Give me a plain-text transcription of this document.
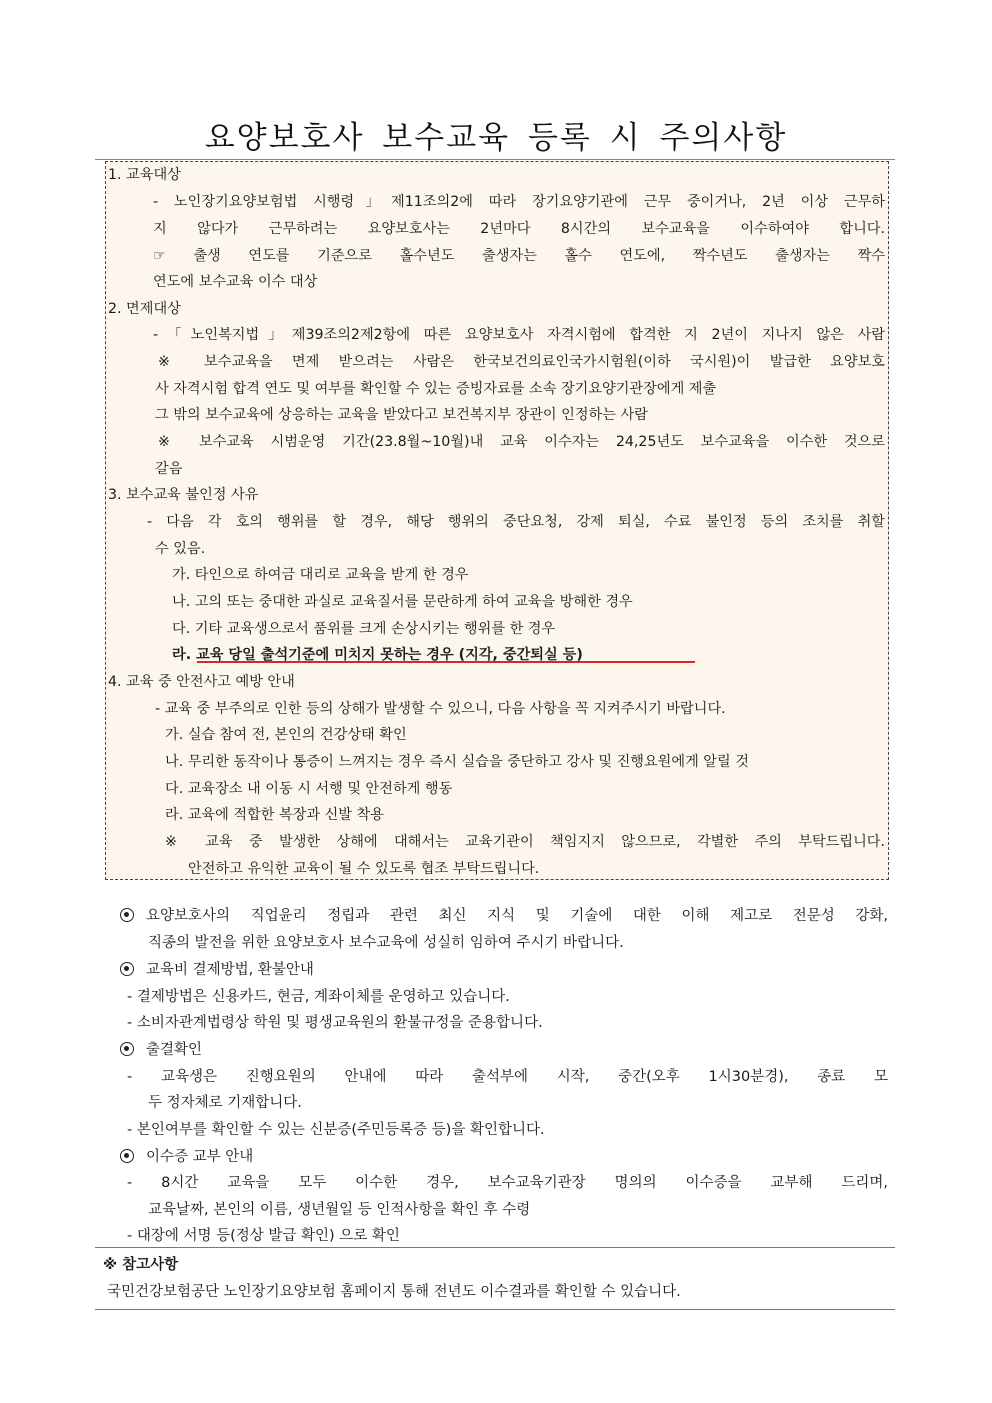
요양보호사 보수교육 등록 시 주의사항
1. 교육대상
- 노인장기요양보험법 시행령」제11조의2에 따라 장기요양기관에 근무 중이거나, 2년 이상 근무하
지 않다가 근무하려는 요양보호사는 2년마다 8시간의 보수교육을 이수하여야 합니다.
☞ 출생 연도를 기준으로 홀수년도 출생자는 홀수 연도에, 짝수년도 출생자는 짝수
연도에 보수교육 이수 대상
2. 면제대상
-「노인복지법」제39조의2제2항에 따른 요양보호사 자격시험에 합격한 지 2년이 지나지 않은 사람
※ 보수교육을 면제 받으려는 사람은 한국보건의료인국가시험원(이하 국시원)이 발급한 요양보호
사 자격시험 합격 연도 및 여부를 확인할 수 있는 증빙자료를 소속 장기요양기관장에게 제출
그 밖의 보수교육에 상응하는 교육을 받았다고 보건복지부 장관이 인정하는 사람
※ 보수교육 시범운영 기간(23.8월~10월)내 교육 이수자는 24,25년도 보수교육을 이수한 것으로
갈음
3. 보수교육 불인정 사유
- 다음 각 호의 행위를 할 경우, 해당 행위의 중단요청, 강제 퇴실, 수료 불인정 등의 조치를 취할
수 있음.
가. 타인으로 하여금 대리로 교육을 받게 한 경우
나. 고의 또는 중대한 과실로 교육질서를 문란하게 하여 교육을 방해한 경우
다. 기타 교육생으로서 품위를 크게 손상시키는 행위를 한 경우
라. 교육 당일 출석기준에 미치지 못하는 경우 (지각, 중간퇴실 등)
4. 교육 중 안전사고 예방 안내
- 교육 중 부주의로 인한 등의 상해가 발생할 수 있으니, 다음 사항을 꼭 지켜주시기 바랍니다.
가. 실습 참여 전, 본인의 건강상태 확인
나. 무리한 동작이나 통증이 느껴지는 경우 즉시 실습을 중단하고 강사 및 진행요원에게 알릴 것
다. 교육장소 내 이동 시 서행 및 안전하게 행동
라. 교육에 적합한 복장과 신발 착용
※ 교육 중 발생한 상해에 대해서는 교육기관이 책임지지 않으므로, 각별한 주의 부탁드립니다.
안전하고 유익한 교육이 될 수 있도록 협조 부탁드립니다.
요양보호사의 직업윤리 정립과 관련 최신 지식 및 기술에 대한 이해 제고로 전문성 강화,
직종의 발전을 위한 요양보호사 보수교육에 성실히 임하여 주시기 바랍니다.
교육비 결제방법, 환불안내
- 결제방법은 신용카드, 현금, 계좌이체를 운영하고 있습니다.
- 소비자관계법령상 학원 및 평생교육원의 환불규정을 준용합니다.
출결확인
- 교육생은 진행요원의 안내에 따라 출석부에 시작, 중간(오후 1시30분경), 종료 모
두 정자체로 기재합니다.
- 본인여부를 확인할 수 있는 신분증(주민등록증 등)을 확인합니다.
이수증 교부 안내
- 8시간 교육을 모두 이수한 경우, 보수교육기관장 명의의 이수증을 교부해 드리며,
교육날짜, 본인의 이름, 생년월일 등 인적사항을 확인 후 수령
- 대장에 서명 등(정상 발급 확인) 으로 확인
※ 참고사항
국민건강보험공단 노인장기요양보험 홈페이지 통해 전년도 이수결과를 확인할 수 있습니다.
